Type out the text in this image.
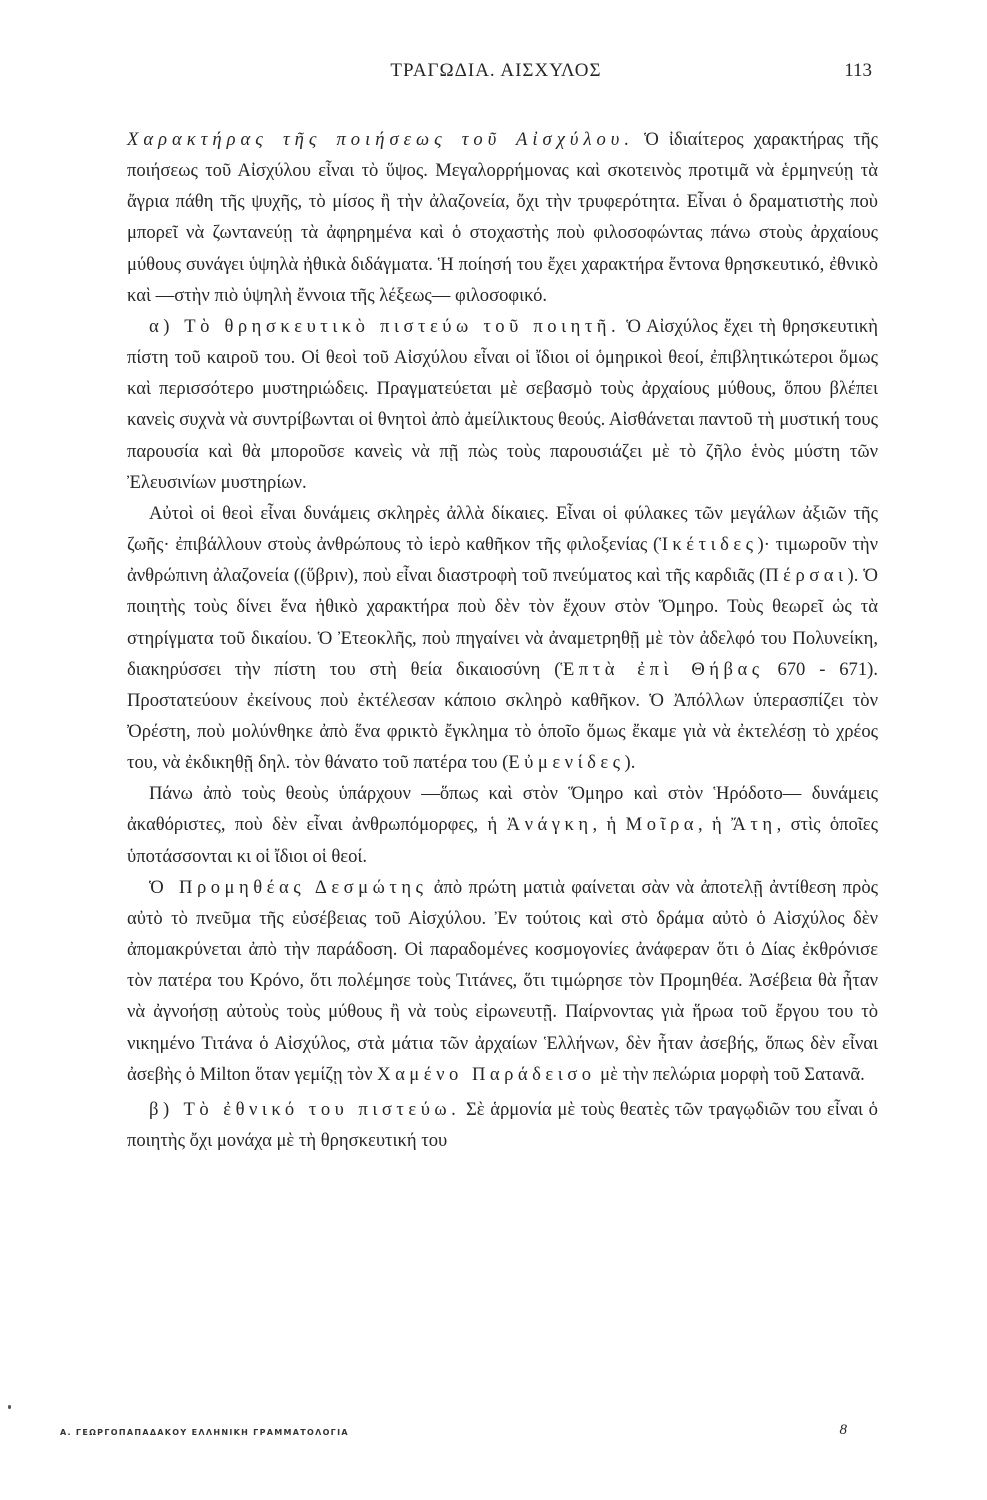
ΤΡΑΓΩΔΙΑ. ΑΙΣΧΥΛΟΣ	113

Χαρακτήρας τῆς ποιήσεως τοῦ Αἰσχύλου. Ὁ ἰδιαίτερος χαρακτήρας τῆς ποιήσεως τοῦ Αἰσχύλου εἶναι τὸ ὕψος. Μεγαλορρήμονας καὶ σκοτεινὸς προτιμᾶ νὰ ἑρμηνεύῃ τὰ ἄγρια πάθη τῆς ψυχῆς, τὸ μίσος ἢ τὴν ἀλαζονεία, ὄχι τὴν τρυφερότητα. Εἶναι ὁ δραματιστὴς ποὺ μπορεῖ νὰ ζωντανεύῃ τὰ ἀφηρημένα καὶ ὁ στοχαστὴς ποὺ φιλοσοφώντας πάνω στοὺς ἀρχαίους μύθους συνάγει ὑψηλὰ ἠθικὰ διδάγματα. Ἡ ποίησή του ἔχει χαρακτήρα ἔντονα θρησκευτικό, ἐθνικὸ καὶ —στὴν πιὸ ὑψηλὴ ἔννοια τῆς λέξεως— φιλοσοφικό.

α) Τὸ θρησκευτικὸ πιστεύω τοῦ ποιητῆ. Ὁ Αἰσχύλος ἔχει τὴ θρησκευτικὴ πίστη τοῦ καιροῦ του. Οἱ θεοὶ τοῦ Αἰσχύλου εἶναι οἱ ἴδιοι οἱ ὁμηρικοὶ θεοί, ἐπιβλητικώτεροι ὅμως καὶ περισσότερο μυστηριώδεις. Πραγματεύεται μὲ σεβασμὸ τοὺς ἀρχαίους μύθους, ὅπου βλέπει κανεὶς συχνὰ νὰ συντρίβωνται οἱ θνητοὶ ἀπὸ ἀμείλικτους θεούς. Αἰσθάνεται παντοῦ τὴ μυστική τους παρουσία καὶ θὰ μποροῦσε κανεὶς νὰ πῇ πὼς τοὺς παρουσιάζει μὲ τὸ ζῆλο ἑνὸς μύστη τῶν Ἐλευσινίων μυστηρίων.

Αὐτοὶ οἱ θεοὶ εἶναι δυνάμεις σκληρὲς ἀλλὰ δίκαιες. Εἶναι οἱ φύλακες τῶν μεγάλων ἀξιῶν τῆς ζωῆς· ἐπιβάλλουν στοὺς ἀνθρώπους τὸ ἱερὸ καθῆκον τῆς φιλοξενίας (Ἱκέτιδες)· τιμωροῦν τὴν ἀνθρώπινη ἀλαζονεία ((ὕβριν), ποὺ εἶναι διαστροφὴ τοῦ πνεύματος καὶ τῆς καρδιᾶς (Πέρσαι). Ὁ ποιητὴς τοὺς δίνει ἕνα ἠθικὸ χαρακτήρα ποὺ δὲν τὸν ἔχουν στὸν Ὅμηρο. Τοὺς θεωρεῖ ὡς τὰ στηρίγματα τοῦ δικαίου. Ὁ Ἐτεοκλῆς, ποὺ πηγαίνει νὰ ἀναμετρηθῇ μὲ τὸν ἀδελφό του Πολυνείκη, διακηρύσσει τὴν πίστη του στὴ θεία δικαιοσύνη (Ἑπτὰ ἐπὶ Θήβας 670 - 671). Προστατεύουν ἐκείνους ποὺ ἐκτέλεσαν κάποιο σκληρὸ καθῆκον. Ὁ Ἀπόλλων ὑπερασπίζει τὸν Ὀρέστη, ποὺ μολύνθηκε ἀπὸ ἕνα φρικτὸ ἔγκλημα τὸ ὁποῖο ὅμως ἔκαμε γιὰ νὰ ἐκτελέσῃ τὸ χρέος του, νὰ ἐκδικηθῇ δηλ. τὸν θάνατο τοῦ πατέρα του (Εὐμενίδες).

Πάνω ἀπὸ τοὺς θεοὺς ὑπάρχουν —ὅπως καὶ στὸν Ὅμηρο καὶ στὸν Ἡρόδοτο— δυνάμεις ἀκαθόριστες, ποὺ δὲν εἶναι ἀνθρωπόμορφες, ἡ Ἀνάγκη, ἡ Μοῖρα, ἡ Ἄτη, στὶς ὁποῖες ὑποτάσσονται κι οἱ ἴδιοι οἱ θεοί.

Ὁ Προμηθέας Δεσμώτης ἀπὸ πρώτη ματιὰ φαίνεται σὰν νὰ ἀποτελῇ ἀντίθεση πρὸς αὐτὸ τὸ πνεῦμα τῆς εὐσέβειας τοῦ Αἰσχύλου. Ἐν τούτοις καὶ στὸ δράμα αὐτὸ ὁ Αἰσχύλος δὲν ἀπομακρύνεται ἀπὸ τὴν παράδοση. Οἱ παραδομένες κοσμογονίες ἀνάφεραν ὅτι ὁ Δίας ἐκθρόνισε τὸν πατέρα του Κρόνο, ὅτι πολέμησε τοὺς Τιτάνες, ὅτι τιμώρησε τὸν Προμηθέα. Ἀσέβεια θὰ ἦταν νὰ ἀγνοήσῃ αὐτοὺς τοὺς μύθους ἢ νὰ τοὺς εἰρωνευτῇ. Παίρνοντας γιὰ ἥρωα τοῦ ἔργου του τὸ νικημένο Τιτάνα ὁ Αἰσχύλος, στὰ μάτια τῶν ἀρχαίων Ἑλλήνων, δὲν ἦταν ἀσεβής, ὅπως δὲν εἶναι ἀσεβὴς ὁ Milton ὅταν γεμίζῃ τὸν Χαμένο Παράδεισο μὲ τὴν πελώρια μορφὴ τοῦ Σατανᾶ.

β) Τὸ ἐθνικό του πιστεύω. Σὲ ἁρμονία μὲ τοὺς θεατὲς τῶν τραγῳδιῶν του εἶναι ὁ ποιητὴς ὄχι μονάχα μὲ τὴ θρησκευτική του

Α. ΓΕΩΡΓΟΠΑΠΑΔΑΚΟΥ ΕΛΛΗΝΙΚΗ ΓΡΑΜΜΑΤΟΛΟΓΙΑ	8
